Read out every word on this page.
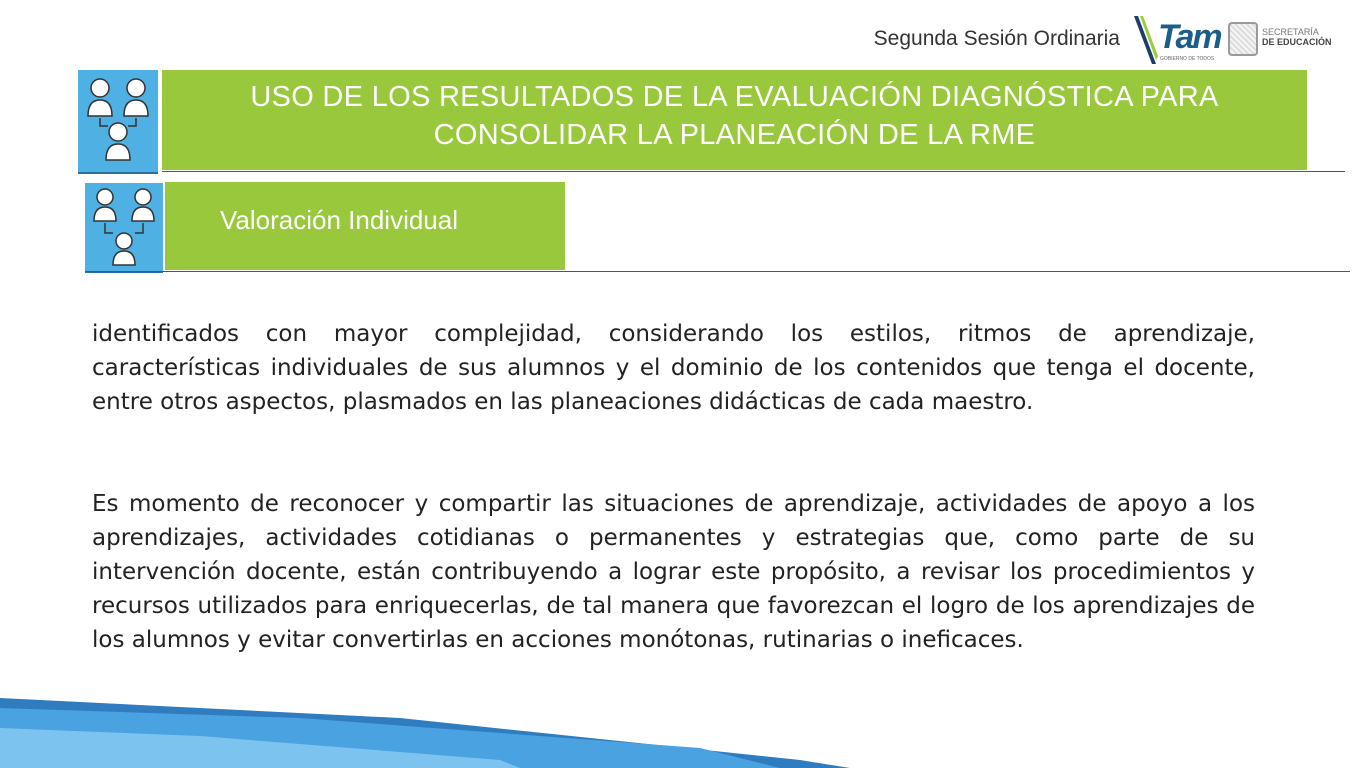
Segunda Sesión Ordinaria Tam
GOBIERNO DE TODOS
SECRETARÍA
DE EDUCACIÓN
USO DE LOS RESULTADOS DE LA EVALUACIÓN DIAGNÓSTICA PARA
CONSOLIDAR LA PLANEACIÓN DE LA RME
Valoración Individual

identificados con mayor complejidad, considerando los estilos, ritmos de aprendizaje, características individuales de sus alumnos y el dominio de los contenidos que tenga el docente, entre otros aspectos, plasmados en las planeaciones didácticas de cada maestro.

Es momento de reconocer y compartir las situaciones de aprendizaje, actividades de apoyo a los aprendizajes, actividades cotidianas o permanentes y estrategias que, como parte de su intervención docente, están contribuyendo a lograr este propósito, a revisar los procedimientos y recursos utilizados para enriquecerlas, de tal manera que favorezcan el logro de los aprendizajes de los alumnos y evitar convertirlas en acciones monótonas, rutinarias o ineficaces.
